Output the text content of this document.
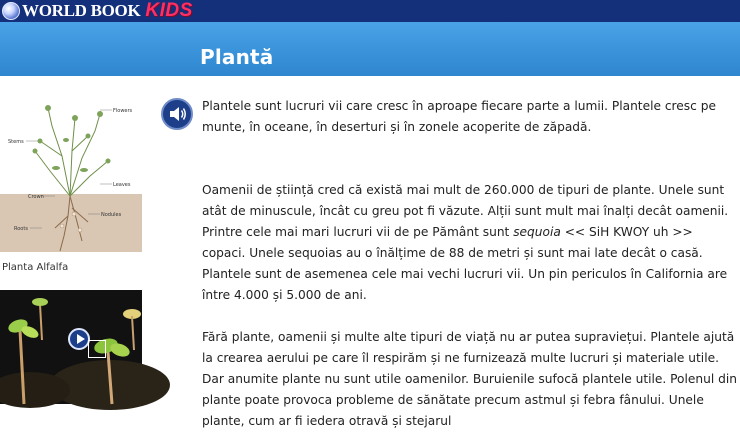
WORLD BOOK KIDS
Plantă
Flowers
Stems
Leaves
Crown
Nodules
Roots
Planta Alfalfa

Plantele sunt lucruri vii care cresc în aproape fiecare parte a lumii. Plantele cresc pe munte, în oceane, în deserturi și în zonele acoperite de zăpadă.

Oamenii de știință cred că există mai mult de 260.000 de tipuri de plante. Unele sunt atât de minuscule, încât cu greu pot fi văzute. Alții sunt mult mai înalți decât oamenii. Printre cele mai mari lucruri vii de pe Pământ sunt sequoia << SiH KWOY uh >> copaci. Unele sequoias au o înălțime de 88 de metri și sunt mai late decât o casă. Plantele sunt de asemenea cele mai vechi lucruri vii. Un pin periculos în California are între 4.000 și 5.000 de ani.

Fără plante, oamenii și multe alte tipuri de viață nu ar putea supraviețui. Plantele ajută la crearea aerului pe care îl respirăm și ne furnizează multe lucruri și materiale utile. Dar anumite plante nu sunt utile oamenilor. Buruienile sufocă plantele utile. Polenul din plante poate provoca probleme de sănătate precum astmul și febra fânului. Unele plante, cum ar fi iedera otravă și stejarul
